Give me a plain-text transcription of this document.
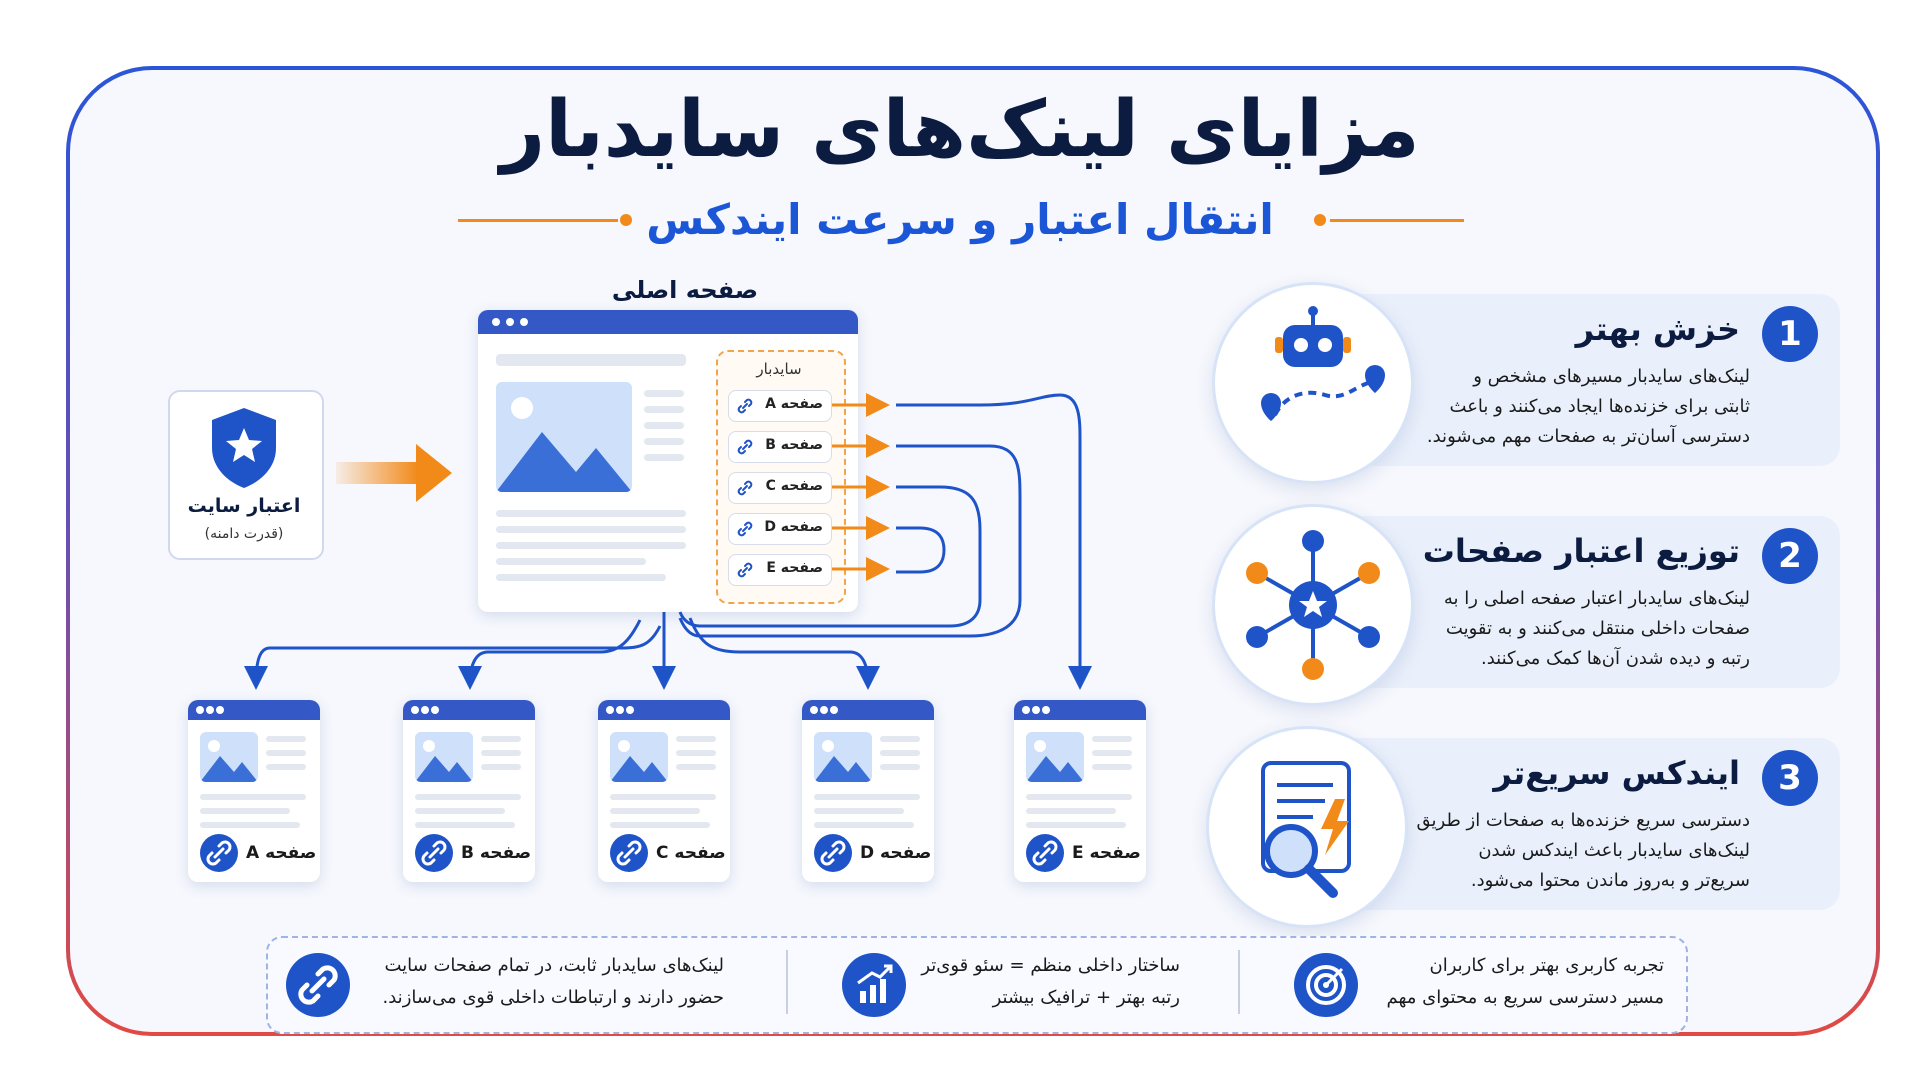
مزایای لینک‌های سایدبار
انتقال اعتبار و سرعت ایندکس
اعتبار سایت
(قدرت دامنه)
صفحه اصلی
سایدبار
صفحه A
صفحه B
صفحه C
صفحه D
صفحه E
صفحه A	صفحه B	صفحه C	صفحه D	صفحه E
1
خزش بهتر
لینک‌های سایدبار مسیرهای مشخص و
ثابتی برای خزنده‌ها ایجاد می‌کنند و باعث
دسترسی آسان‌تر به صفحات مهم می‌شوند.
2
توزیع اعتبار صفحات
لینک‌های سایدبار اعتبار صفحه اصلی را به
صفحات داخلی منتقل می‌کنند و به تقویت
رتبه و دیده شدن آن‌ها کمک می‌کنند.
3
ایندکس سریع‌تر
دسترسی سریع خزنده‌ها به صفحات از طریق
لینک‌های سایدبار باعث ایندکس شدن
سریع‌تر و به‌روز ماندن محتوا می‌شود.
لینک‌های سایدبار ثابت، در تمام صفحات سایت
حضور دارند و ارتباطات داخلی قوی می‌سازند.
ساختار داخلی منظم = سئو قوی‌تر
رتبه بهتر + ترافیک بیشتر
تجربه کاربری بهتر برای کاربران
مسیر دسترسی سریع به محتوای مهم
